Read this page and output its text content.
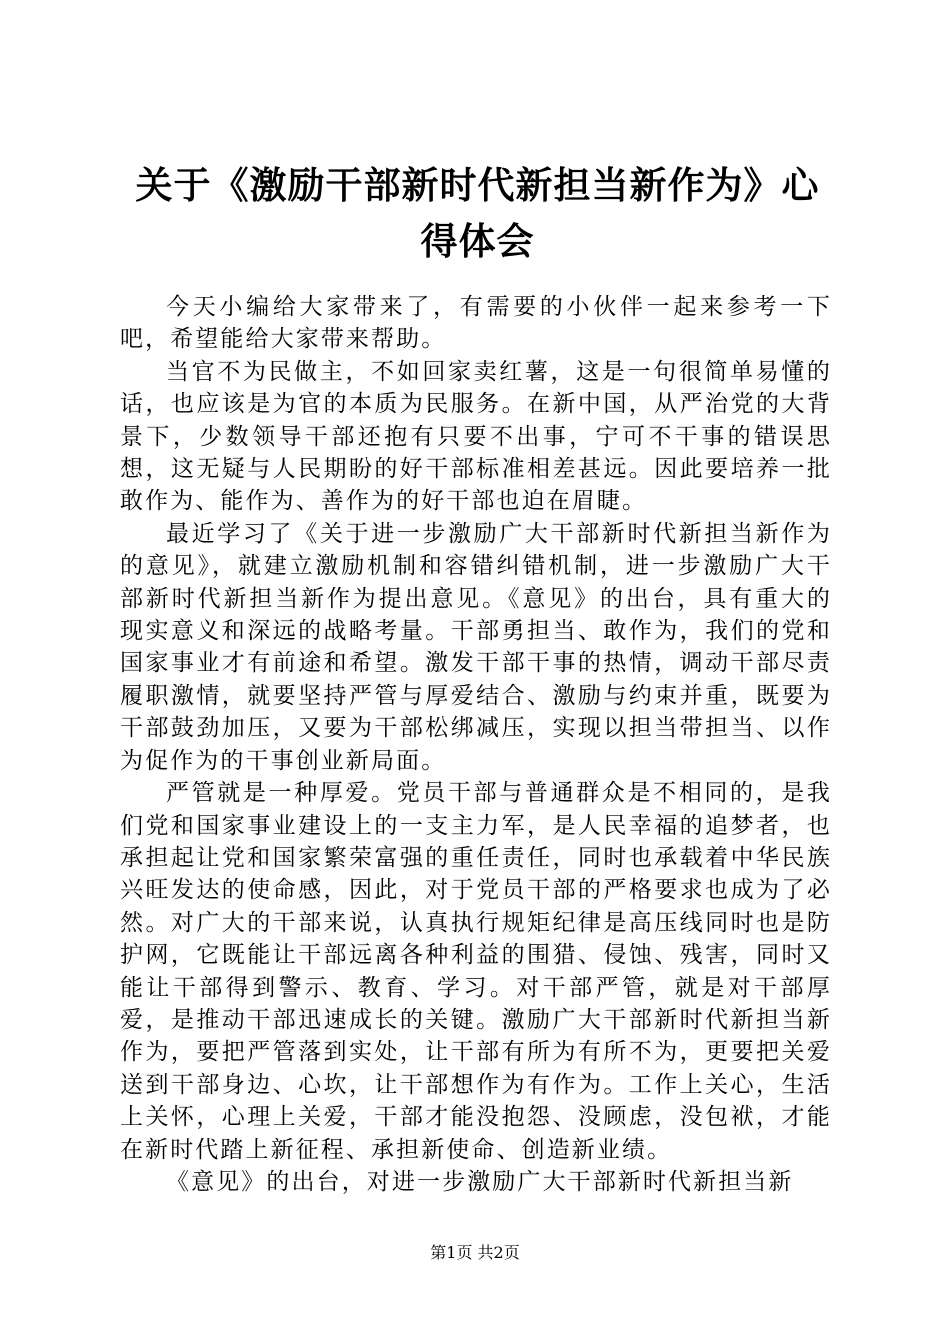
关于《激励干部新时代新担当新作为》心得体会

今天小编给大家带来了，有需要的小伙伴一起来参考一下吧，希望能给大家带来帮助。

当官不为民做主，不如回家卖红薯，这是一句很简单易懂的话，也应该是为官的本质为民服务。在新中国，从严治党的大背景下，少数领导干部还抱有只要不出事，宁可不干事的错误思想，这无疑与人民期盼的好干部标准相差甚远。因此要培养一批敢作为、能作为、善作为的好干部也迫在眉睫。

最近学习了《关于进一步激励广大干部新时代新担当新作为的意见》，就建立激励机制和容错纠错机制，进一步激励广大干部新时代新担当新作为提出意见。《意见》的出台，具有重大的现实意义和深远的战略考量。干部勇担当、敢作为，我们的党和国家事业才有前途和希望。激发干部干事的热情，调动干部尽责履职激情，就要坚持严管与厚爱结合、激励与约束并重，既要为干部鼓劲加压，又要为干部松绑减压，实现以担当带担当、以作为促作为的干事创业新局面。

严管就是一种厚爱。党员干部与普通群众是不相同的，是我们党和国家事业建设上的一支主力军，是人民幸福的追梦者，也承担起让党和国家繁荣富强的重任责任，同时也承载着中华民族兴旺发达的使命感，因此，对于党员干部的严格要求也成为了必然。对广大的干部来说，认真执行规矩纪律是高压线同时也是防护网，它既能让干部远离各种利益的围猎、侵蚀、残害，同时又能让干部得到警示、教育、学习。对干部严管，就是对干部厚爱，是推动干部迅速成长的关键。激励广大干部新时代新担当新作为，要把严管落到实处，让干部有所为有所不为，更要把关爱送到干部身边、心坎，让干部想作为有作为。工作上关心，生活上关怀，心理上关爱，干部才能没抱怨、没顾虑，没包袱，才能在新时代踏上新征程、承担新使命、创造新业绩。

《意见》的出台，对进一步激励广大干部新时代新担当新

第1页 共2页
